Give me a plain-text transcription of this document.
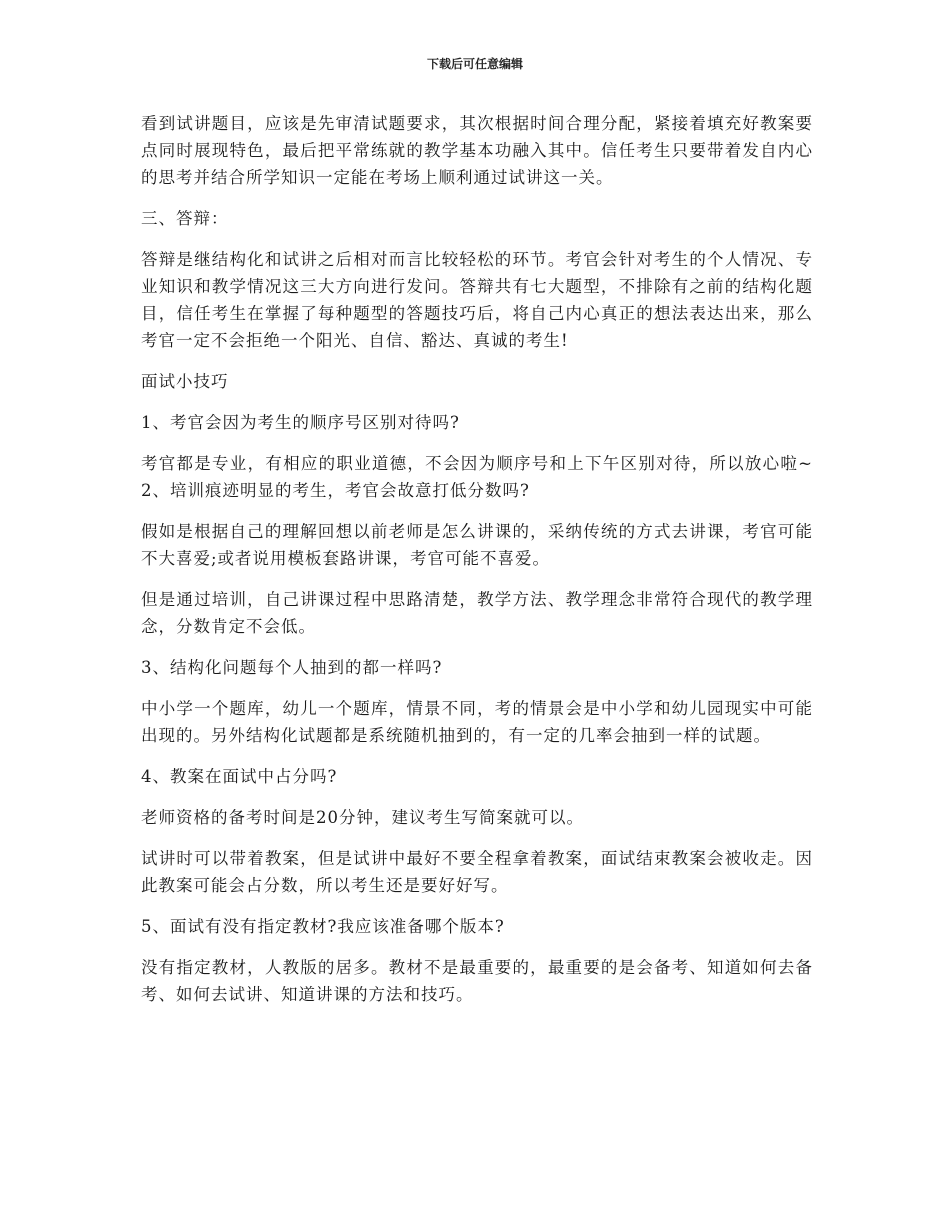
下载后可任意编辑

看到试讲题目，应该是先审清试题要求，其次根据时间合理分配，紧接着填充好教案要点同时展现特色，最后把平常练就的教学基本功融入其中。信任考生只要带着发自内心的思考并结合所学知识一定能在考场上顺利通过试讲这一关。

三、答辩：

答辩是继结构化和试讲之后相对而言比较轻松的环节。考官会针对考生的个人情况、专业知识和教学情况这三大方向进行发问。答辩共有七大题型，不排除有之前的结构化题目，信任考生在掌握了每种题型的答题技巧后，将自己内心真正的想法表达出来，那么考官一定不会拒绝一个阳光、自信、豁达、真诚的考生!

面试小技巧

1、考官会因为考生的顺序号区别对待吗?

考官都是专业，有相应的职业道德，不会因为顺序号和上下午区别对待，所以放心啦~2、培训痕迹明显的考生，考官会故意打低分数吗?

假如是根据自己的理解回想以前老师是怎么讲课的，采纳传统的方式去讲课，考官可能不大喜爱;或者说用模板套路讲课，考官可能不喜爱。

但是通过培训，自己讲课过程中思路清楚，教学方法、教学理念非常符合现代的教学理念，分数肯定不会低。

3、结构化问题每个人抽到的都一样吗?

中小学一个题库，幼儿一个题库，情景不同，考的情景会是中小学和幼儿园现实中可能出现的。另外结构化试题都是系统随机抽到的，有一定的几率会抽到一样的试题。

4、教案在面试中占分吗?

老师资格的备考时间是20分钟，建议考生写简案就可以。

试讲时可以带着教案，但是试讲中最好不要全程拿着教案，面试结束教案会被收走。因此教案可能会占分数，所以考生还是要好好写。

5、面试有没有指定教材?我应该准备哪个版本?

没有指定教材，人教版的居多。教材不是最重要的，最重要的是会备考、知道如何去备考、如何去试讲、知道讲课的方法和技巧。
